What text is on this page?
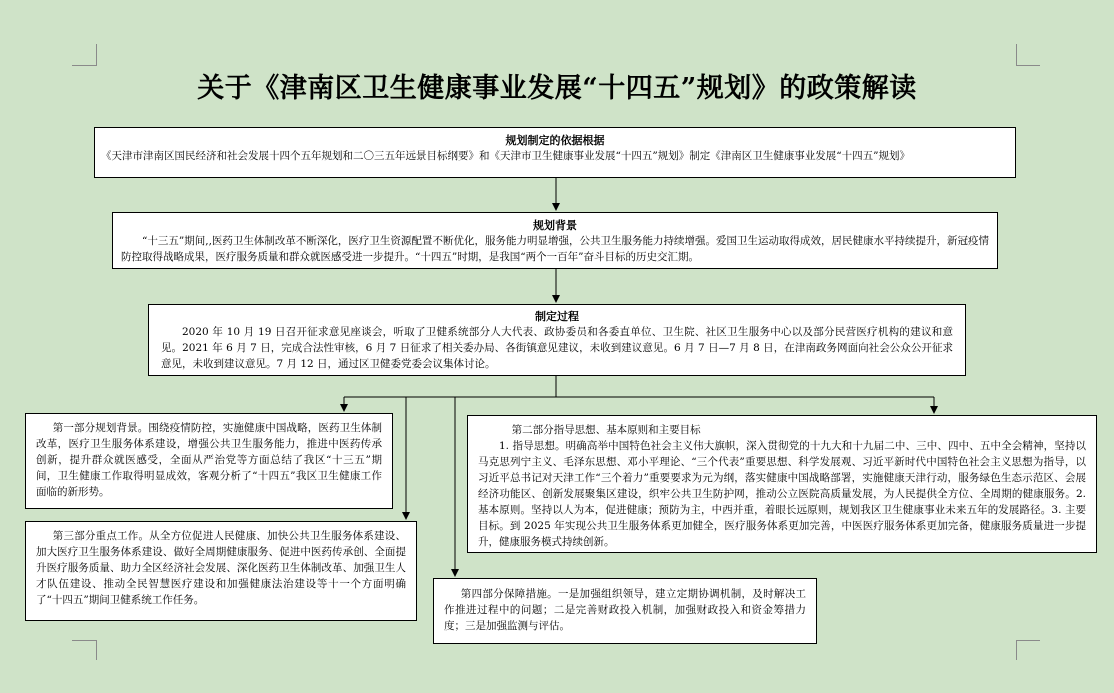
关于《津南区卫生健康事业发展“十四五”规划》的政策解读
规划制定的依据根据
《天津市津南区国民经济和社会发展十四个五年规划和二〇三五年远景目标纲要》和《天津市卫生健康事业发展“十四五”规划》制定《津南区卫生健康事业发展“十四五”规划》
规划背景
“十三五”期间,,医药卫生体制改革不断深化，医疗卫生资源配置不断优化，服务能力明显增强，公共卫生服务能力持续增强。爱国卫生运动取得成效，居民健康水平持续提升，新冠疫情防控取得战略成果，医疗服务质量和群众就医感受进一步提升。“十四五”时期，是我国“两个一百年”奋斗目标的历史交汇期。
制定过程
2020 年 10 月 19 日召开征求意见座谈会，听取了卫健系统部分人大代表、政协委员和各委直单位、卫生院、社区卫生服务中心以及部分民营医疗机构的建议和意见。2021 年 6 月 7 日，完成合法性审核，6 月 7 日征求了相关委办局、各街镇意见建议，未收到建议意见。6 月 7 日—7 月 8 日，在津南政务网面向社会公众公开征求意见，未收到建议意见。7 月 12 日，通过区卫健委党委会议集体讨论。
第一部分规划背景。围绕疫情防控，实施健康中国战略，医药卫生体制改革，医疗卫生服务体系建设，增强公共卫生服务能力，推进中医药传承创新，提升群众就医感受，全面从严治党等方面总结了我区“十三五”期间，卫生健康工作取得明显成效，客观分析了“十四五”我区卫生健康工作面临的新形势。
第二部分指导思想、基本原则和主要目标
1. 指导思想。明确高举中国特色社会主义伟大旗帜，深入贯彻党的十九大和十九届二中、三中、四中、五中全会精神，坚持以马克思列宁主义、毛泽东思想、邓小平理论、“三个代表”重要思想、科学发展观、习近平新时代中国特色社会主义思想为指导，以习近平总书记对天津工作“三个着力”重要要求为元为纲，落实健康中国战略部署，实施健康天津行动，服务绿色生态示范区、会展经济功能区、创新发展聚集区建设，织牢公共卫生防护网，推动公立医院高质量发展，为人民提供全方位、全周期的健康服务。2. 基本原则。坚持以人为本，促进健康；预防为主，中西并重，着眼长远原则，规划我区卫生健康事业未来五年的发展路径。3. 主要目标。到 2025 年实现公共卫生服务体系更加健全，医疗服务体系更加完善，中医医疗服务体系更加完备，健康服务质量进一步提升，健康服务模式持续创新。
第三部分重点工作。从全方位促进人民健康、加快公共卫生服务体系建设、加大医疗卫生服务体系建设、做好全周期健康服务、促进中医药传承创、全面提升医疗服务质量、助力全区经济社会发展、深化医药卫生体制改革、加强卫生人才队伍建设、推动全民智慧医疗建设和加强健康法治建设等十一个方面明确了“十四五”期间卫健系统工作任务。	第四部分保障措施。一是加强组织领导，建立定期协调机制，及时解决工作推进过程中的问题；二是完善财政投入机制，加强财政投入和资金筹措力度；三是加强监测与评估。
